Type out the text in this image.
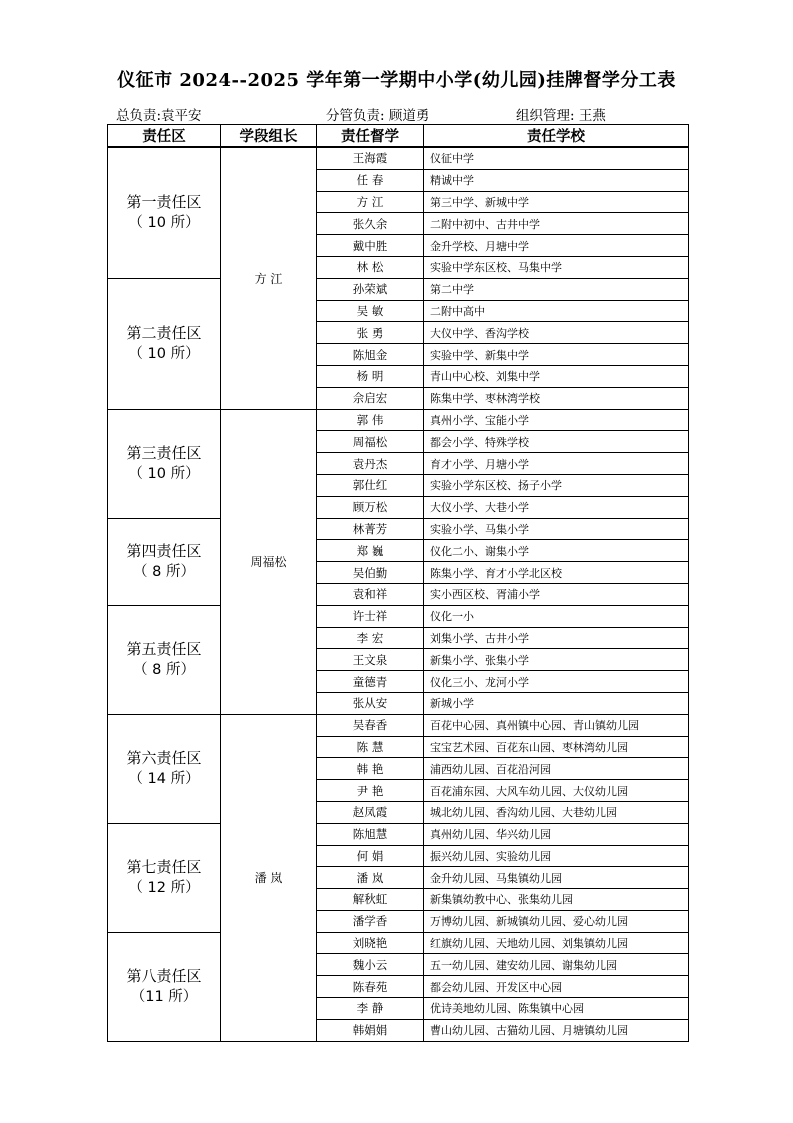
仪征市 2024--2025 学年第一学期中小学(幼儿园)挂牌督学分工表
总负责:袁平安	分管负责: 顾道勇	组织管理: 王燕
责任区	学段组长	责任督学	责任学校

第一责任区
（ 10 所）	方 江	王海霞	仪征中学
		任 春	精诚中学
		方 江	第三中学、新城中学
		张久余	二附中初中、古井中学
		戴中胜	金升学校、月塘中学
		林 松	实验中学东区校、马集中学

第二责任区
（ 10 所）		孙荣斌	第二中学
		吴 敏	二附中高中
		张 勇	大仪中学、香沟学校
		陈旭金	实验中学、新集中学
		杨 明	青山中心校、刘集中学
		佘启宏	陈集中学、枣林湾学校

第三责任区
（ 10 所）	周福松	郭 伟	真州小学、宝能小学
		周福松	都会小学、特殊学校
		袁丹杰	育才小学、月塘小学
		郭仕红	实验小学东区校、扬子小学
		顾万松	大仪小学、大巷小学

第四责任区
（ 8 所）		林菁芳	实验小学、马集小学
		郑 巍	仪化二小、谢集小学
		吴伯勤	陈集小学、育才小学北区校
		袁和祥	实小西区校、胥浦小学

第五责任区
（ 8 所）		许士祥	仪化一小
		李 宏	刘集小学、古井小学
		王文泉	新集小学、张集小学
		童德青	仪化三小、龙河小学
		张从安	新城小学

第六责任区
（ 14 所）	潘 岚	吴春香	百花中心园、真州镇中心园、青山镇幼儿园
		陈 慧	宝宝艺术园、百花东山园、枣林湾幼儿园
		韩 艳	浦西幼儿园、百花沿河园
		尹 艳	百花浦东园、大风车幼儿园、大仪幼儿园
		赵凤霞	城北幼儿园、香沟幼儿园、大巷幼儿园

第七责任区
（ 12 所）		陈旭慧	真州幼儿园、华兴幼儿园
		何 娟	振兴幼儿园、实验幼儿园
		潘 岚	金升幼儿园、马集镇幼儿园
		解秋虹	新集镇幼教中心、张集幼儿园
		潘学香	万博幼儿园、新城镇幼儿园、爱心幼儿园

第八责任区
（11 所）		刘晓艳	红旗幼儿园、天地幼儿园、刘集镇幼儿园
		魏小云	五一幼儿园、建安幼儿园、谢集幼儿园
		陈春苑	都会幼儿园、开发区中心园
		李 静	优诗美地幼儿园、陈集镇中心园
		韩娟娟	曹山幼儿园、古猫幼儿园、月塘镇幼儿园
